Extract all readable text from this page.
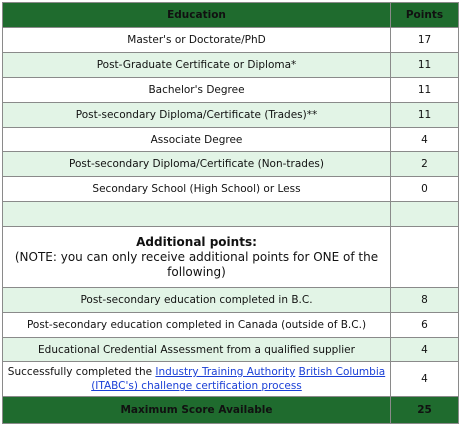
Education	Points
Master's or Doctorate/PhD	17
Post-Graduate Certificate or Diploma*	11
Bachelor's Degree	11
Post-secondary Diploma/Certificate (Trades)**	11
Associate Degree	4
Post-secondary Diploma/Certificate (Non-trades)	2
Secondary School (High School) or Less	0

Additional points:
(NOTE: you can only receive additional points for ONE of the following)	

Post-secondary education completed in B.C.	8
Post-secondary education completed in Canada (outside of B.C.)	6
Educational Credential Assessment from a qualified supplier	4
Successfully completed the Industry Training Authority British Columbia (ITABC's) challenge certification process	4
Maximum Score Available	25
